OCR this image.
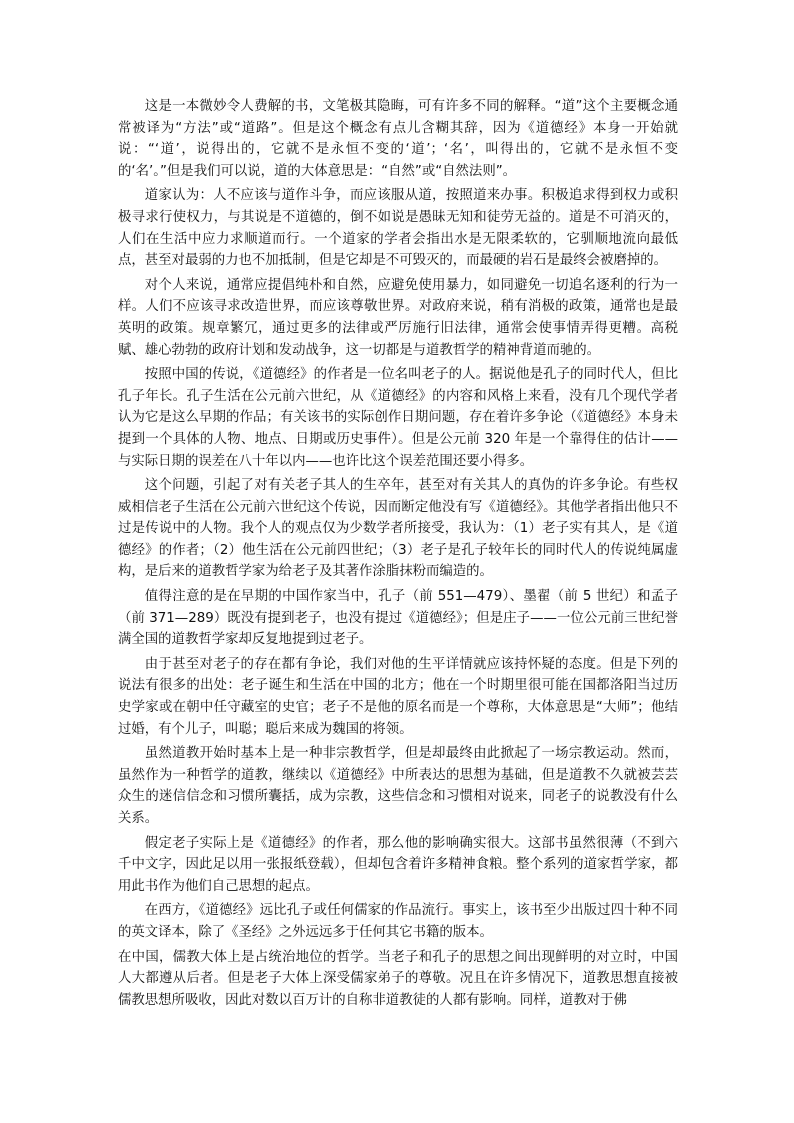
这是一本微妙令人费解的书，文笔极其隐晦，可有许多不同的解释。“道”这个主要概念通常被译为“方法”或“道路”。但是这个概念有点儿含糊其辞，因为《道德经》本身一开始就说：“‘道’，说得出的，它就不是永恒不变的‘道’；‘名’，叫得出的，它就不是永恒不变的‘名’。”但是我们可以说，道的大体意思是：“自然”或“自然法则”。

道家认为：人不应该与道作斗争，而应该服从道，按照道来办事。积极追求得到权力或积极寻求行使权力，与其说是不道德的，倒不如说是愚昧无知和徒劳无益的。道是不可消灭的，人们在生活中应力求顺道而行。一个道家的学者会指出水是无限柔软的，它驯顺地流向最低点，甚至对最弱的力也不加抵制，但是它却是不可毁灭的，而最硬的岩石是最终会被磨掉的。

对个人来说，通常应提倡纯朴和自然，应避免使用暴力，如同避免一切追名逐利的行为一样。人们不应该寻求改造世界，而应该尊敬世界。对政府来说，稍有消极的政策，通常也是最英明的政策。规章繁冗，通过更多的法律或严厉施行旧法律，通常会使事情弄得更糟。高税赋、雄心勃勃的政府计划和发动战争，这一切都是与道教哲学的精神背道而驰的。

按照中国的传说，《道德经》的作者是一位名叫老子的人。据说他是孔子的同时代人，但比孔子年长。孔子生活在公元前六世纪，从《道德经》的内容和风格上来看，没有几个现代学者认为它是这么早期的作品；有关该书的实际创作日期问题，存在着许多争论（《道德经》本身未提到一个具体的人物、地点、日期或历史事件）。但是公元前 320 年是一个靠得住的估计——与实际日期的误差在八十年以内——也许比这个误差范围还要小得多。

这个问题，引起了对有关老子其人的生卒年，甚至对有关其人的真伪的许多争论。有些权威相信老子生活在公元前六世纪这个传说，因而断定他没有写《道德经》。其他学者指出他只不过是传说中的人物。我个人的观点仅为少数学者所接受，我认为：（1）老子实有其人，是《道德经》的作者；（2）他生活在公元前四世纪；（3）老子是孔子较年长的同时代人的传说纯属虚构，是后来的道教哲学家为给老子及其著作涂脂抹粉而编造的。

值得注意的是在早期的中国作家当中，孔子（前 551—479）、墨翟（前 5 世纪）和孟子（前 371—289）既没有提到老子，也没有提过《道德经》；但是庄子——一位公元前三世纪誉满全国的道教哲学家却反复地提到过老子。

由于甚至对老子的存在都有争论，我们对他的生平详情就应该持怀疑的态度。但是下列的说法有很多的出处：老子诞生和生活在中国的北方；他在一个时期里很可能在国都洛阳当过历史学家或在朝中任守藏室的史官；老子不是他的原名而是一个尊称，大体意思是“大师”；他结过婚，有个儿子，叫聪；聪后来成为魏国的将领。

虽然道教开始时基本上是一种非宗教哲学，但是却最终由此掀起了一场宗教运动。然而，虽然作为一种哲学的道教，继续以《道德经》中所表达的思想为基础，但是道教不久就被芸芸众生的迷信信念和习惯所囊括，成为宗教，这些信念和习惯相对说来，同老子的说教没有什么关系。

假定老子实际上是《道德经》的作者，那么他的影响确实很大。这部书虽然很薄（不到六千中文字，因此足以用一张报纸登载），但却包含着许多精神食粮。整个系列的道家哲学家，都用此书作为他们自己思想的起点。

在西方，《道德经》远比孔子或任何儒家的作品流行。事实上，该书至少出版过四十种不同的英文译本，除了《圣经》之外远远多于任何其它书籍的版本。

在中国，儒教大体上是占统治地位的哲学。当老子和孔子的思想之间出现鲜明的对立时，中国人大都遵从后者。但是老子大体上深受儒家弟子的尊敬。况且在许多情况下，道教思想直接被儒教思想所吸收，因此对数以百万计的自称非道教徒的人都有影响。同样，道教对于佛
